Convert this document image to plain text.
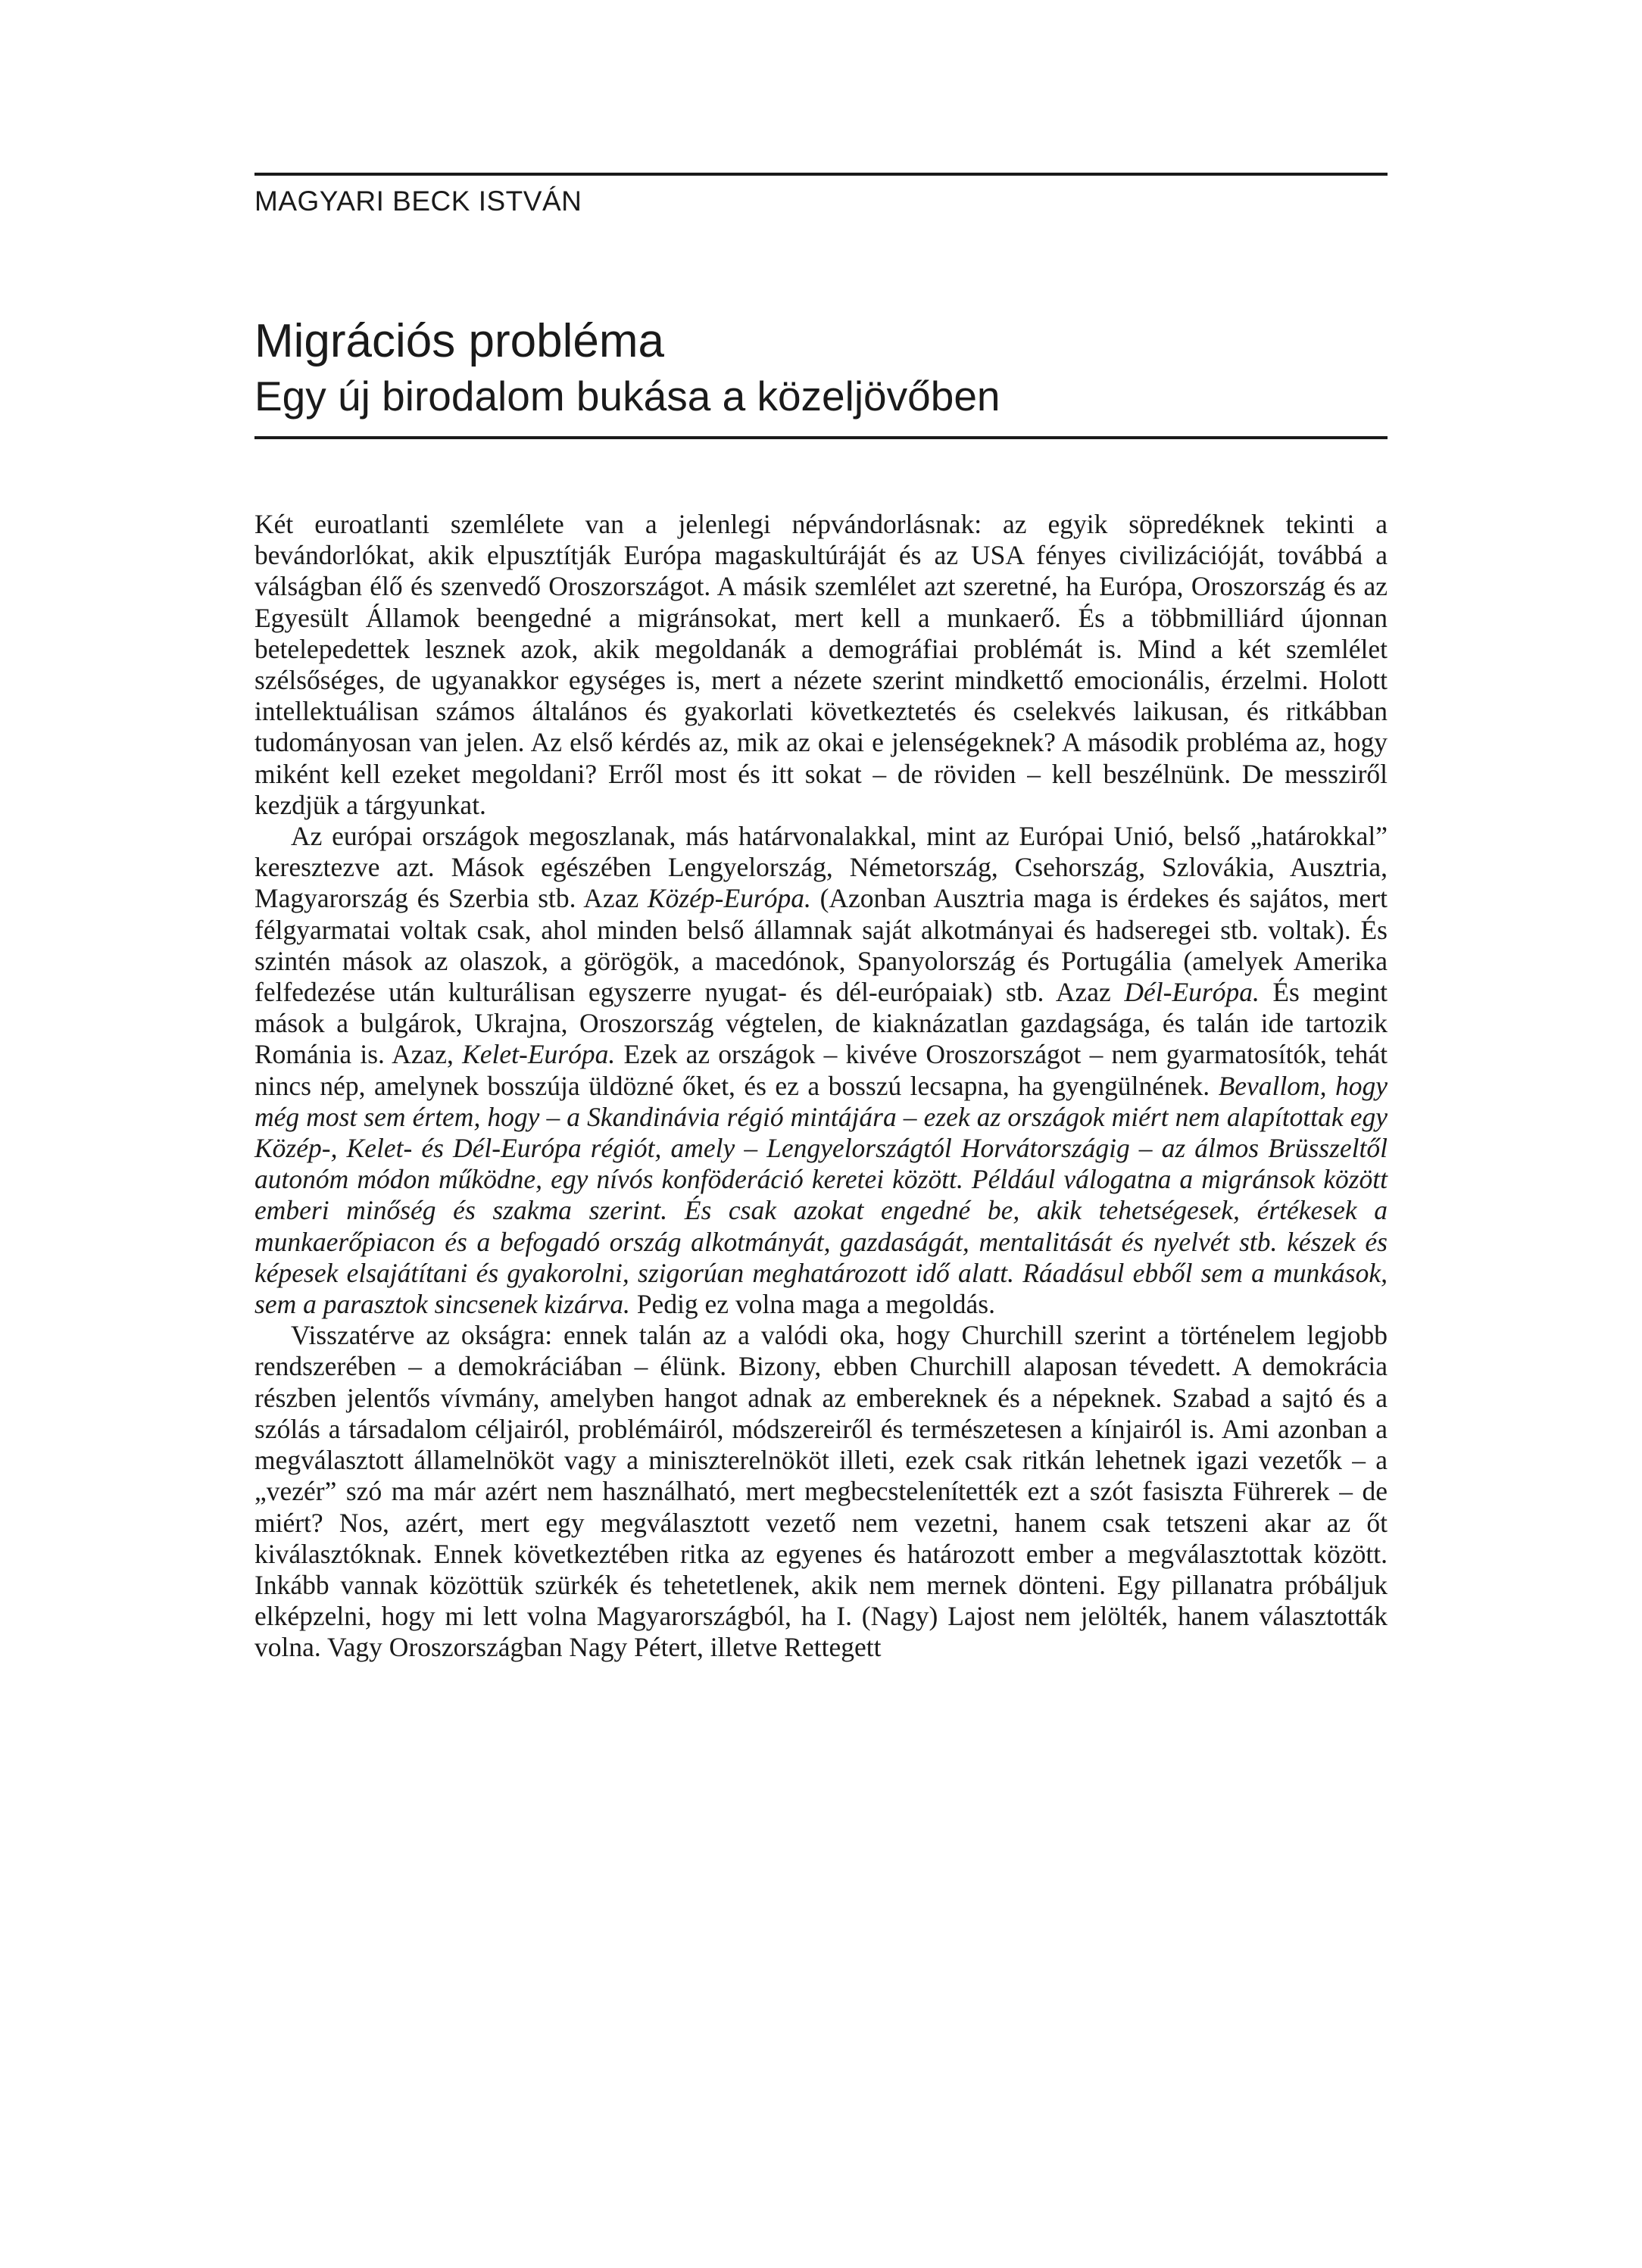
MAGYARI BECK ISTVÁN
Migrációs probléma
Egy új birodalom bukása a közeljövőben

Két euroatlanti szemlélete van a jelenlegi népvándorlásnak: az egyik söpredéknek tekinti a bevándorlókat, akik elpusztítják Európa magaskultúráját és az USA fényes civilizációját, továbbá a válságban élő és szenvedő Oroszországot. A másik szemlélet azt szeretné, ha Európa, Oroszország és az Egyesült Államok beengedné a migránsokat, mert kell a munkaerő. És a többmilliárd újonnan betelepedettek lesznek azok, akik megoldanák a demográfiai problémát is. Mind a két szemlélet szélsőséges, de ugyanakkor egységes is, mert a nézete szerint mindkettő emocionális, érzelmi. Holott intellektuálisan számos általános és gyakorlati következtetés és cselekvés laikusan, és ritkábban tudományosan van jelen. Az első kérdés az, mik az okai e jelenségeknek? A második probléma az, hogy miként kell ezeket megoldani? Erről most és itt sokat – de röviden – kell beszélnünk. De messziről kezdjük a tárgyunkat.

Az európai országok megoszlanak, más határvonalakkal, mint az Európai Unió, belső „határokkal” keresztezve azt. Mások egészében Lengyelország, Németország, Csehország, Szlovákia, Ausztria, Magyarország és Szerbia stb. Azaz Közép-Európa. (Azonban Ausztria maga is érdekes és sajátos, mert félgyarmatai voltak csak, ahol minden belső államnak saját alkotmányai és hadseregei stb. voltak). És szintén mások az olaszok, a görögök, a macedónok, Spanyolország és Portugália (amelyek Amerika felfedezése után kulturálisan egyszerre nyugat- és dél-európaiak) stb. Azaz Dél-Európa. És megint mások a bulgárok, Ukrajna, Oroszország végtelen, de kiaknázatlan gazdagsága, és talán ide tartozik Románia is. Azaz, Kelet-Európa. Ezek az országok – kivéve Oroszországot – nem gyarmatosítók, tehát nincs nép, amelynek bosszúja üldözné őket, és ez a bosszú lecsapna, ha gyengülnének. Bevallom, hogy még most sem értem, hogy – a Skandinávia régió mintájára – ezek az országok miért nem alapítottak egy Közép-, Kelet- és Dél-Európa régiót, amely – Lengyelországtól Horvátországig – az álmos Brüsszeltől autonóm módon működne, egy nívós konföderáció keretei között. Például válogatna a migránsok között emberi minőség és szakma szerint. És csak azokat engedné be, akik tehetségesek, értékesek a munkaerőpiacon és a befogadó ország alkotmányát, gazdaságát, mentalitását és nyelvét stb. készek és képesek elsajátítani és gyakorolni, szigorúan meghatározott idő alatt. Ráadásul ebből sem a munkások, sem a parasztok sincsenek kizárva. Pedig ez volna maga a megoldás.

Visszatérve az okságra: ennek talán az a valódi oka, hogy Churchill szerint a történelem legjobb rendszerében – a demokráciában – élünk. Bizony, ebben Churchill alaposan tévedett. A demokrácia részben jelentős vívmány, amelyben hangot adnak az embereknek és a népeknek. Szabad a sajtó és a szólás a társadalom céljairól, problémáiról, módszereiről és természetesen a kínjairól is. Ami azonban a megválasztott államelnököt vagy a miniszterelnököt illeti, ezek csak ritkán lehetnek igazi vezetők – a „vezér” szó ma már azért nem használható, mert megbecstelenítették ezt a szót fasiszta Führerek – de miért? Nos, azért, mert egy megválasztott vezető nem vezetni, hanem csak tetszeni akar az őt kiválasztóknak. Ennek következtében ritka az egyenes és határozott ember a megválasztottak között. Inkább vannak közöttük szürkék és tehetetlenek, akik nem mernek dönteni. Egy pillanatra próbáljuk elképzelni, hogy mi lett volna Magyarországból, ha I. (Nagy) Lajost nem jelölték, hanem választották volna. Vagy Oroszországban Nagy Pétert, illetve Rettegett
